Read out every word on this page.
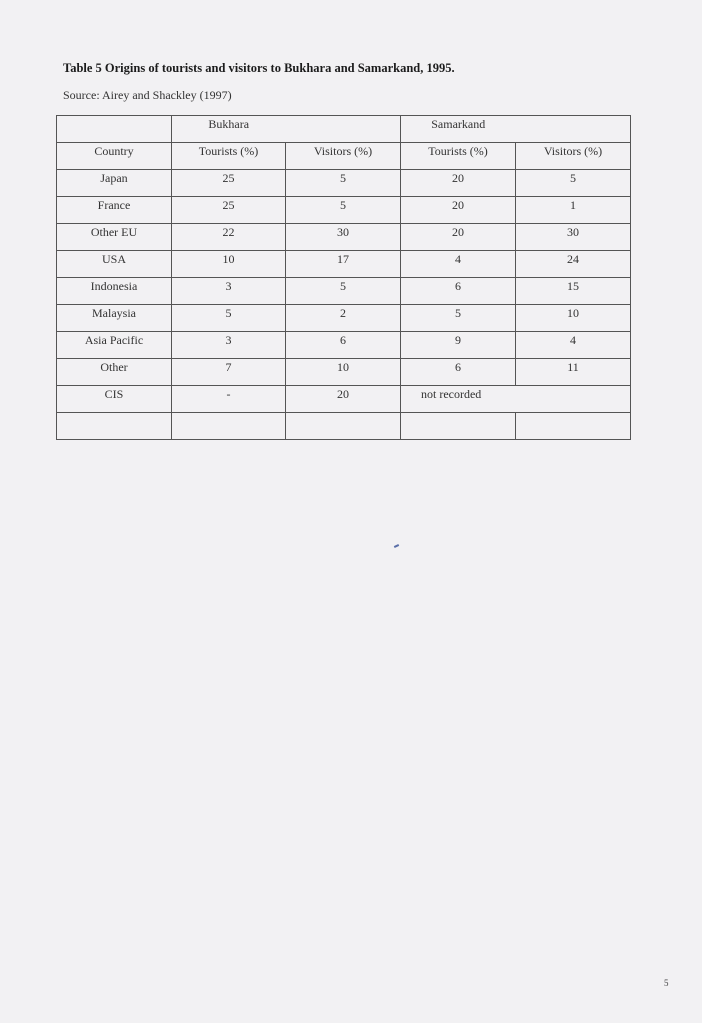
Table 5 Origins of tourists and visitors to Bukhara and Samarkand, 1995.
Source: Airey and Shackley (1997)
	Bukhara		Samarkand	
Country	Tourists (%)	Visitors (%)	Tourists (%)	Visitors (%)
Japan	25	5	20	5
France	25	5	20	1
Other EU	22	30	20	30
USA	10	17	4	24
Indonesia	3	5	6	15
Malaysia	5	2	5	10
Asia Pacific	3	6	9	4
Other	7	10	6	11
CIS	-	20	not recorded	

5
